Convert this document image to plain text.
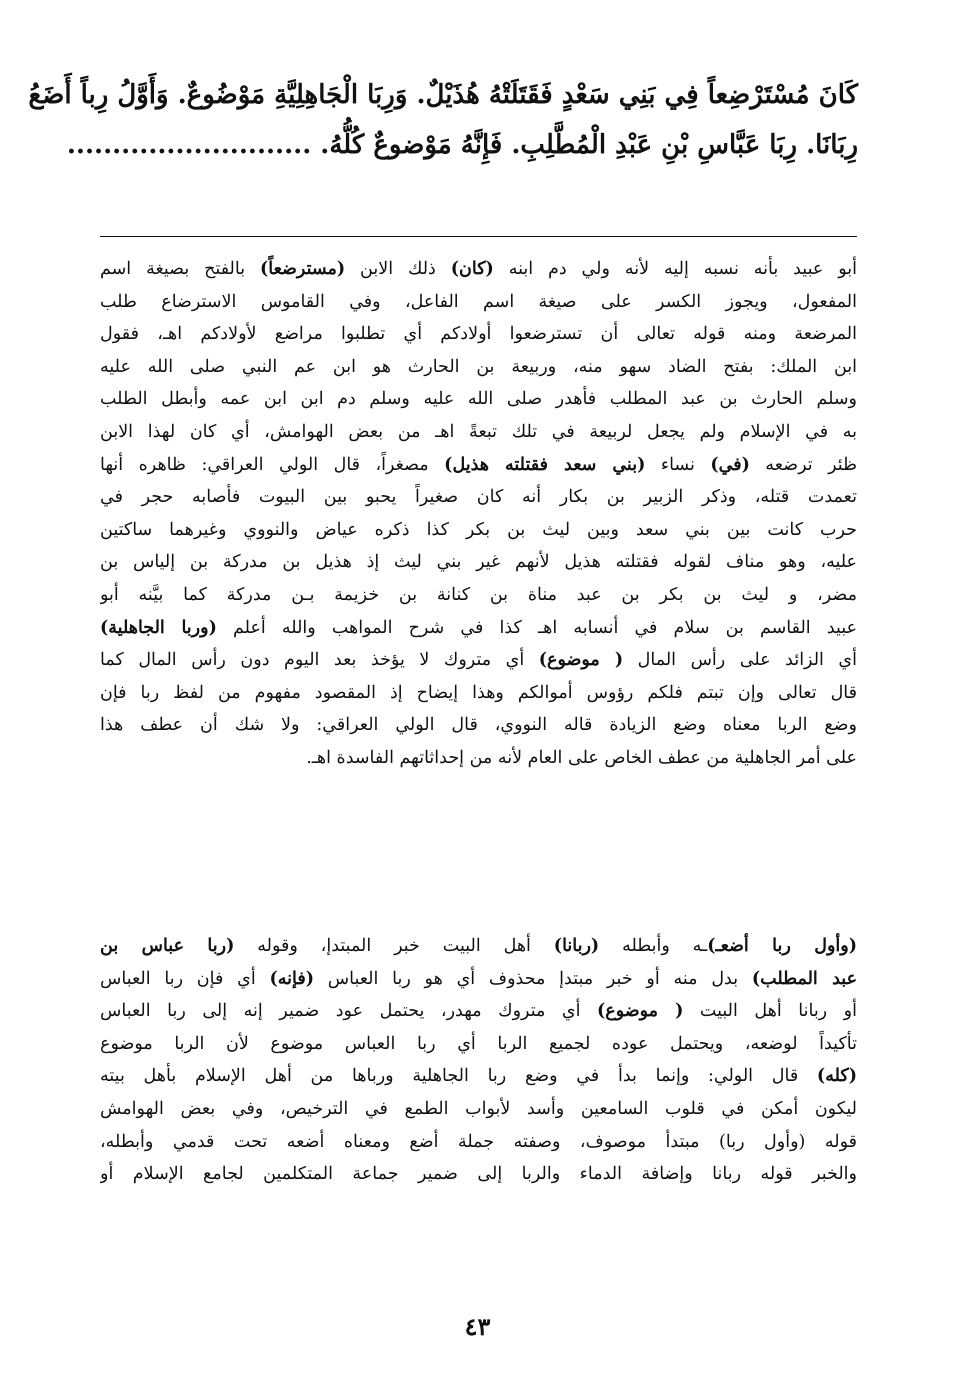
كَانَ مُسْتَرْضِعاً فِي بَنِي سَعْدٍ فَقَتَلَتْهُ هُذَيْلٌ. وَرِبَا الْجَاهِلِيَّةِ مَوْضُوعٌ. وَأَوَّلُ رِباً أَضَعُ
رِبَانَا. رِبَا عَبَّاسِ بْنِ عَبْدِ الْمُطَّلِبِ. فَإِنَّهُ مَوْضوعٌ كُلُّهُ. ...........................
أبو عبيد بأنه نسبه إليه لأنه ولي دم ابنه (كان) ذلك الابن (مسترضعاً) بالفتح بصيغة اسم
المفعول، ويجوز الكسر على صيغة اسم الفاعل، وفي القاموس الاسترضاع طلب
المرضعة ومنه قوله تعالى أن تسترضعوا أولادكم أي تطلبوا مراضع لأولادكم اهـ، فقول
ابن الملك: بفتح الضاد سهو منه، وربيعة بن الحارث هو ابن عم النبي صلى الله عليه
وسلم الحارث بن عبد المطلب فأهدر صلى الله عليه وسلم دم ابن ابن عمه وأبطل الطلب
به في الإسلام ولم يجعل لربيعة في تلك تبعةً اهـ من بعض الهوامش، أي كان لهذا الابن
ظئر ترضعه (في) نساء (بني سعد فقتلته هذيل) مصغراً، قال الولي العراقي: ظاهره أنها
تعمدت قتله، وذكر الزبير بن بكار أنه كان صغيراً يحبو بين البيوت فأصابه حجر في
حرب كانت بين بني سعد وبين ليث بن بكر كذا ذكره عياض والنووي وغيرهما ساكتين
عليه، وهو مناف لقوله فقتلته هذيل لأنهم غير بني ليث إذ هذيل بن مدركة بن إلياس بن
مضر، و ليث بن بكر بن عبد مناة بن كنانة بن خزيمة بـن مدركة كما بيَّنه أبو
عبيد القاسم بن سلام في أنسابه اهـ كذا في شرح المواهب والله أعلم (وربا الجاهلية)
أي الزائد على رأس المال ( موضوع) أي متروك لا يؤخذ بعد اليوم دون رأس المال كما
قال تعالى وإن تبتم فلكم رؤوس أموالكم وهذا إيضاح إذ المقصود مفهوم من لفظ ربا فإن
وضع الربا معناه وضع الزيادة قاله النووي، قال الولي العراقي: ولا شك أن عطف هذا
على أمر الجاهلية من عطف الخاص على العام لأنه من إحداثاتهم الفاسدة اهـ.
(وأول ربا أضعـ)ـه وأبطله (ربانا) أهل البيت خبر المبتدإ، وقوله (ربا عباس بن
عبد المطلب) بدل منه أو خبر مبتدإ محذوف أي هو ربا العباس (فإنه) أي فإن ربا العباس
أو ربانا أهل البيت ( موضوع) أي متروك مهدر، يحتمل عود ضمير إنه إلى ربا العباس
تأكيداً لوضعه، ويحتمل عوده لجميع الربا أي ربا العباس موضوع لأن الربا موضوع
(كله) قال الولي: وإنما بدأ في وضع ربا الجاهلية ورباها من أهل الإسلام بأهل بيته
ليكون أمكن في قلوب السامعين وأسد لأبواب الطمع في الترخيص، وفي بعض الهوامش
قوله (وأول ربا) مبتدأ موصوف، وصفته جملة أضع ومعناه أضعه تحت قدمي وأبطله،
والخبر قوله ربانا وإضافة الدماء والربا إلى ضمير جماعة المتكلمين لجامع الإسلام أو
٤٣
